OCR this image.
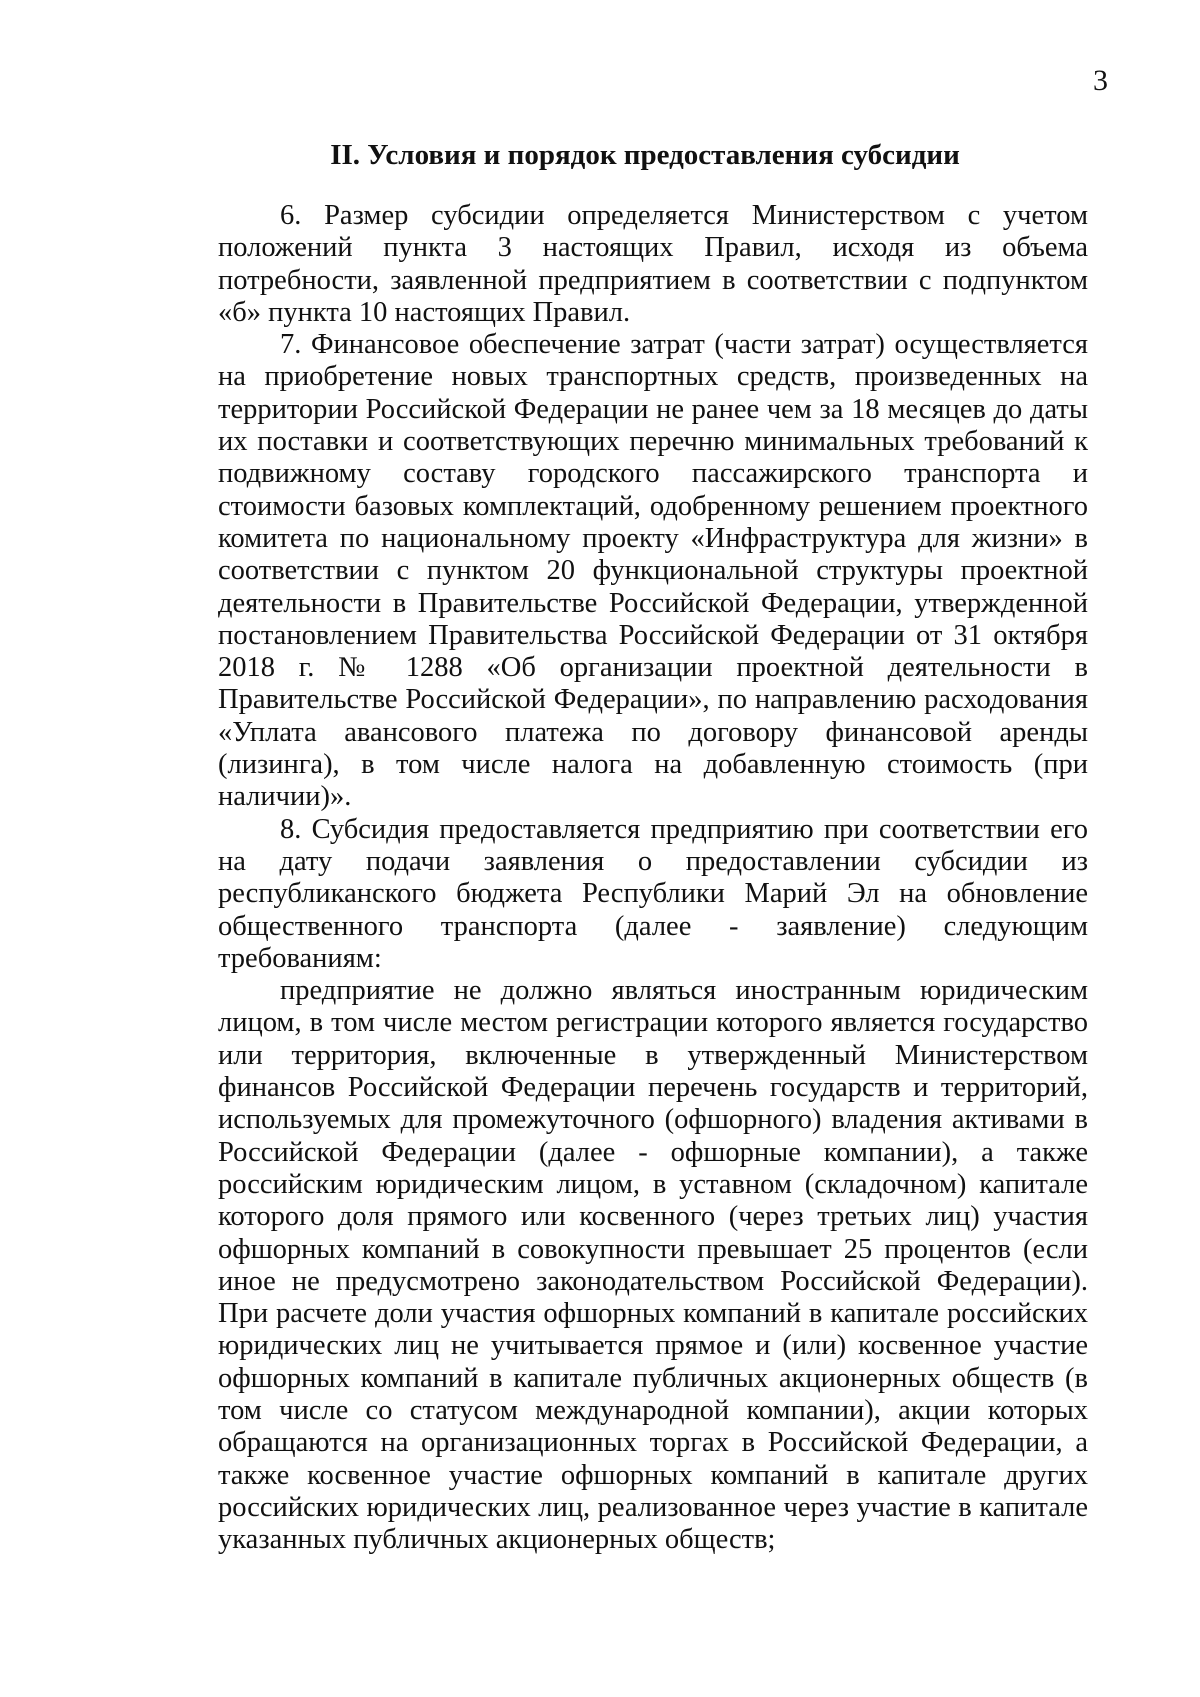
3
II. Условия и порядок предоставления субсидии

6. Размер субсидии определяется Министерством с учетом положений пункта 3 настоящих Правил, исходя из объема потребности, заявленной предприятием в соответствии с подпунктом «б» пункта 10 настоящих Правил.

7. Финансовое обеспечение затрат (части затрат) осуществляется на приобретение новых транспортных средств, произведенных на территории Российской Федерации не ранее чем за 18 месяцев до даты их поставки и соответствующих перечню минимальных требований к подвижному составу городского пассажирского транспорта и стоимости базовых комплектаций, одобренному решением проектного комитета по национальному проекту «Инфраструктура для жизни» в соответствии с пунктом 20 функциональной структуры проектной деятельности в Правительстве Российской Федерации, утвержденной постановлением Правительства Российской Федерации от 31 октября 2018 г. № 1288 «Об организации проектной деятельности в Правительстве Российской Федерации», по направлению расходования «Уплата авансового платежа по договору финансовой аренды (лизинга), в том числе налога на добавленную стоимость (при наличии)».

8. Субсидия предоставляется предприятию при соответствии его на дату подачи заявления о предоставлении субсидии из республиканского бюджета Республики Марий Эл на обновление общественного транспорта (далее - заявление) следующим требованиям:

предприятие не должно являться иностранным юридическим лицом, в том числе местом регистрации которого является государство или территория, включенные в утвержденный Министерством финансов Российской Федерации перечень государств и территорий, используемых для промежуточного (офшорного) владения активами в Российской Федерации (далее - офшорные компании), а также российским юридическим лицом, в уставном (складочном) капитале которого доля прямого или косвенного (через третьих лиц) участия офшорных компаний в совокупности превышает 25 процентов (если иное не предусмотрено законодательством Российской Федерации). При расчете доли участия офшорных компаний в капитале российских юридических лиц не учитывается прямое и (или) косвенное участие офшорных компаний в капитале публичных акционерных обществ (в том числе со статусом международной компании), акции которых обращаются на организационных торгах в Российской Федерации, а также косвенное участие офшорных компаний в капитале других российских юридических лиц, реализованное через участие в капитале указанных публичных акционерных обществ;
